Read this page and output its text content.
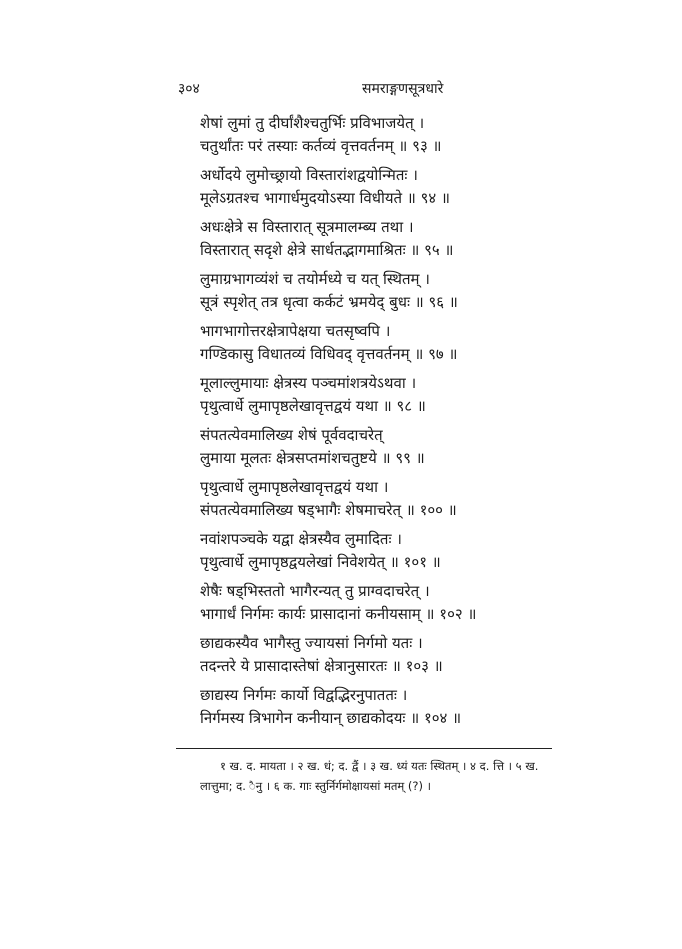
३०४	समराङ्गणसूत्रधारे
शेषां लुमां तु दीर्घांशैश्चतुर्भिः प्रविभाजयेत् ।
चतुर्थांतः परं तस्याः कर्तव्यं वृत्तवर्तनम् ॥ ९३ ॥
अर्धोदये लुमोच्छ्रायो विस्तारांशद्वयोन्मितः ।
मूलेऽग्रतश्च भागार्धमुदयोऽस्या विधीयते ॥ ९४ ॥
अधःक्षेत्रे स विस्तारात् सूत्रमालम्ब्य तथा ।
विस्तारात् सदृशे क्षेत्रे सार्धतद्भागमाश्रितः ॥ ९५ ॥
लुमाग्रभागव्यंशं च तयोर्मध्ये च यत् स्थितम् ।
सूत्रं स्पृशेत् तत्र धृत्वा कर्कटं भ्रमयेद् बुधः ॥ ९६ ॥
भागभागोत्तरक्षेत्रापेक्षया चतसृष्वपि ।
गण्डिकासु विधातव्यं विधिवद् वृत्तवर्तनम् ॥ ९७ ॥
मूलाल्लुमायाः क्षेत्रस्य पञ्चमांशत्रयेऽथवा ।
पृथुत्वार्धे लुमापृष्ठलेखावृत्तद्वयं यथा ॥ ९८ ॥
संपतत्येवमालिख्य शेषं पूर्ववदाचरेत्
लुमाया मूलतः क्षेत्रसप्तमांशचतुष्टये ॥ ९९ ॥
पृथुत्वार्धे लुमापृष्ठलेखावृत्तद्वयं यथा ।
संपतत्येवमालिख्य षड्भागैः शेषमाचरेत् ॥ १०० ॥
नवांशपञ्चके यद्वा क्षेत्रस्यैव लुमादितः ।
पृथुत्वार्धे लुमापृष्ठद्वयलेखां निवेशयेत् ॥ १०१ ॥
शेषैः षड्भिस्ततो भागैरन्यत् तु प्राग्वदाचरेत् ।
भागार्धं निर्गमः कार्यः प्रासादानां कनीयसाम् ॥ १०२ ॥
छाद्यकस्यैव भागैस्तु ज्यायसां निर्गमो यतः ।
तदन्तरे ये प्रासादास्तेषां क्षेत्रानुसारतः ॥ १०३ ॥
छाद्यस्य निर्गमः कार्यो विद्वद्भिरनुपाततः ।
निर्गमस्य त्रिभागेन कनीयान् छाद्यकोदयः ॥ १०४ ॥
१ ख. द. मायता । २ ख. धं; द. द्वैं । ३ ख. ध्यं यतः स्थितम् । ४ द. त्ति । ५ ख.
लात्तुमा; द. ैनु । ६ क. गाः स्तुर्निर्गमोक्षायसां मतम् (?) ।
